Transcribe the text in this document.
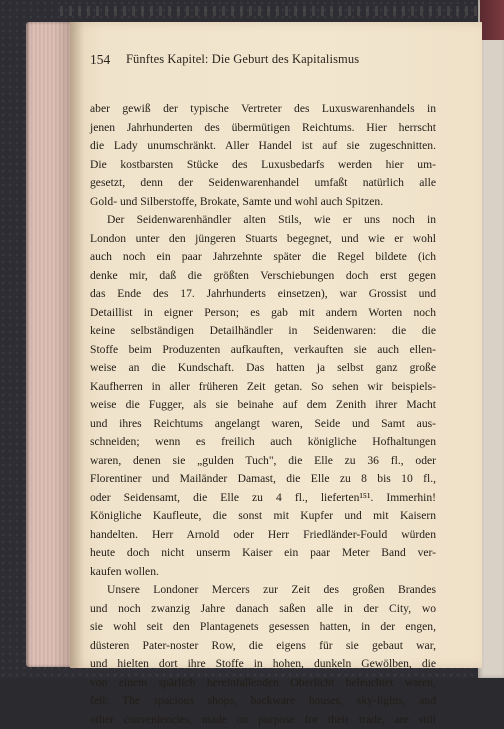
154 Fünftes Kapitel: Die Geburt des Kapitalismus
aber gewiß der typische Vertreter des Luxuswarenhandels in
jenen Jahrhunderten des übermütigen Reichtums. Hier herrscht
die Lady unumschränkt. Aller Handel ist auf sie zugeschnitten.
Die kostbarsten Stücke des Luxusbedarfs werden hier um-
gesetzt, denn der Seidenwarenhandel umfaßt natürlich alle
Gold- und Silberstoffe, Brokate, Samte und wohl auch Spitzen.
Der Seidenwarenhändler alten Stils, wie er uns noch in
London unter den jüngeren Stuarts begegnet, und wie er wohl
auch noch ein paar Jahrzehnte später die Regel bildete (ich
denke mir, daß die größten Verschiebungen doch erst gegen
das Ende des 17. Jahrhunderts einsetzen), war Grossist und
Detaillist in eigner Person; es gab mit andern Worten noch
keine selbständigen Detailhändler in Seidenwaren: die die
Stoffe beim Produzenten aufkauften, verkauften sie auch ellen-
weise an die Kundschaft. Das hatten ja selbst ganz große
Kaufherren in aller früheren Zeit getan. So sehen wir beispiels-
weise die Fugger, als sie beinahe auf dem Zenith ihrer Macht
und ihres Reichtums angelangt waren, Seide und Samt aus-
schneiden; wenn es freilich auch königliche Hofhaltungen
waren, denen sie „gulden Tuch", die Elle zu 36 fl., oder
Florentiner und Mailänder Damast, die Elle zu 8 bis 10 fl.,
oder Seidensamt, die Elle zu 4 fl., lieferten¹⁵¹. Immerhin!
Königliche Kaufleute, die sonst mit Kupfer und mit Kaisern
handelten. Herr Arnold oder Herr Friedländer-Fould würden
heute doch nicht unserm Kaiser ein paar Meter Band ver-
kaufen wollen.
Unsere Londoner Mercers zur Zeit des großen Brandes
und noch zwanzig Jahre danach saßen alle in der City, wo
sie wohl seit den Plantagenets gesessen hatten, in der engen,
düsteren Pater-noster Row, die eigens für sie gebaut war,
und hielten dort ihre Stoffe in hohen, dunkeln Gewölben, die
von einem spärlich hereinfallenden Oberlicht beleuchtet waren,
feil: The spacious shops, backware houses, sky-lights, and
other conveniencies, made on purpose for their trade, are still
